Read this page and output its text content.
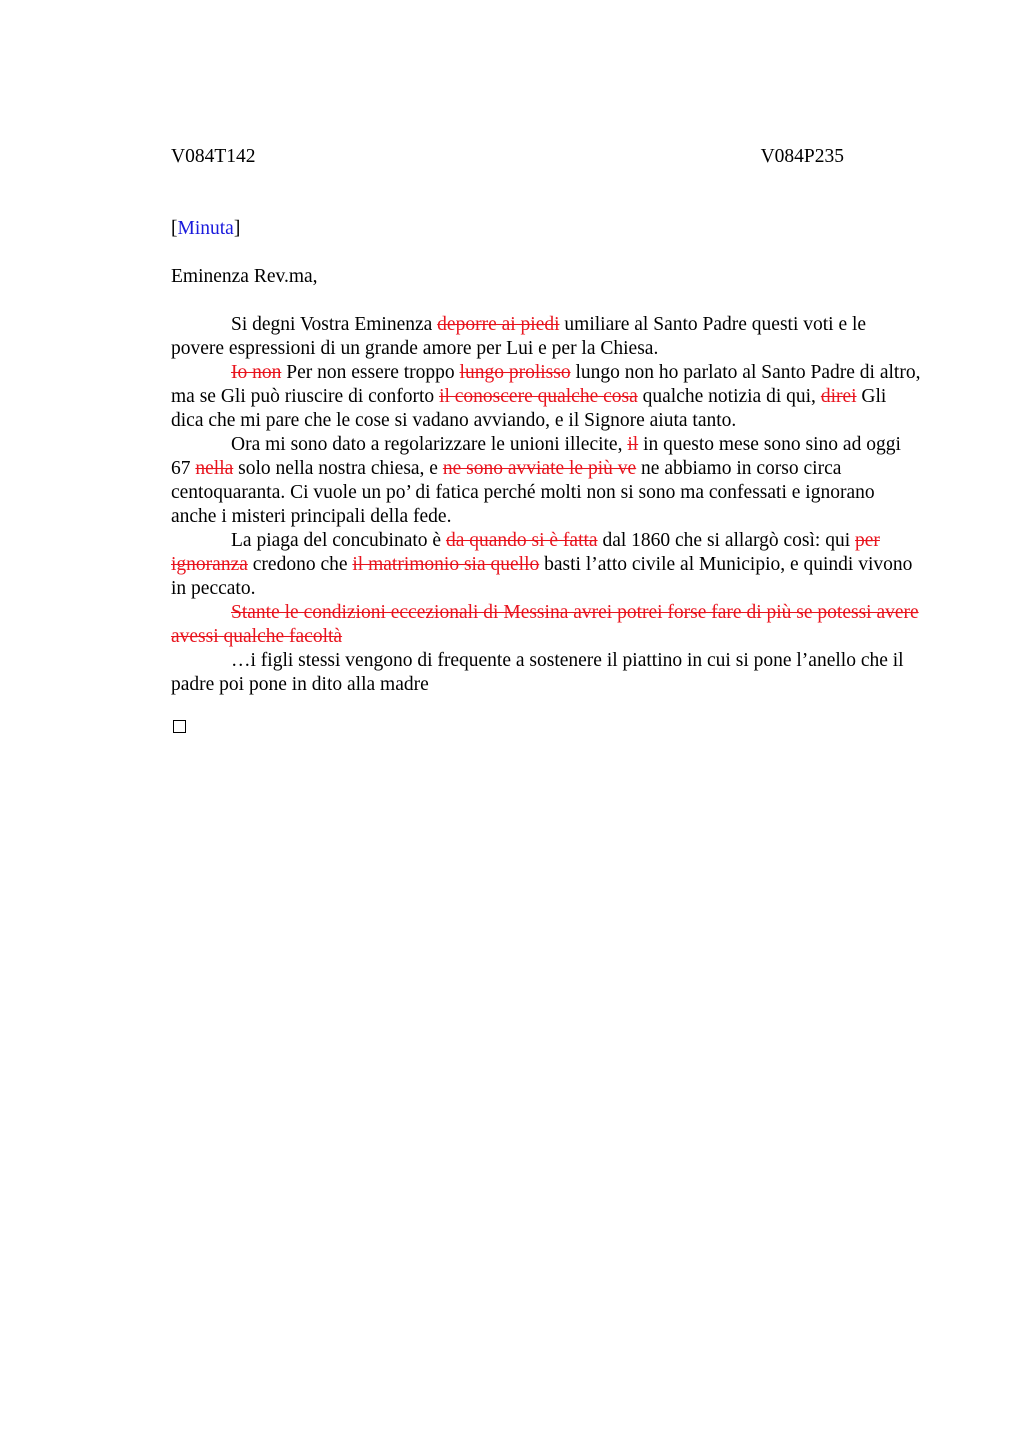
V084T142	V084P235
[Minuta]
Eminenza Rev.ma,

Si degni Vostra Eminenza deporre ai piedi umiliare al Santo Padre questi voti e le povere espressioni di un grande amore per Lui e per la Chiesa.

Io non Per non essere troppo lungo prolisso lungo non ho parlato al Santo Padre di altro, ma se Gli può riuscire di conforto il conoscere qualche cosa qualche notizia di qui, direi Gli dica che mi pare che le cose si vadano avviando, e il Signore aiuta tanto.

Ora mi sono dato a regolarizzare le unioni illecite, il in questo mese sono sino ad oggi 67 nella solo nella nostra chiesa, e ne sono avviate le più ve ne abbiamo in corso circa centoquaranta. Ci vuole un po’ di fatica perché molti non si sono ma confessati e ignorano anche i misteri principali della fede.

La piaga del concubinato è da quando si è fatta dal 1860 che si allargò così: qui per ignoranza credono che il matrimonio sia quello basti l’atto civile al Municipio, e quindi vivono in peccato.

Stante le condizioni eccezionali di Messina avrei potrei forse fare di più se potessi avere avessi qualche facoltà

…i figli stessi vengono di frequente a sostenere il piattino in cui si pone l’anello che il padre poi pone in dito alla madre
